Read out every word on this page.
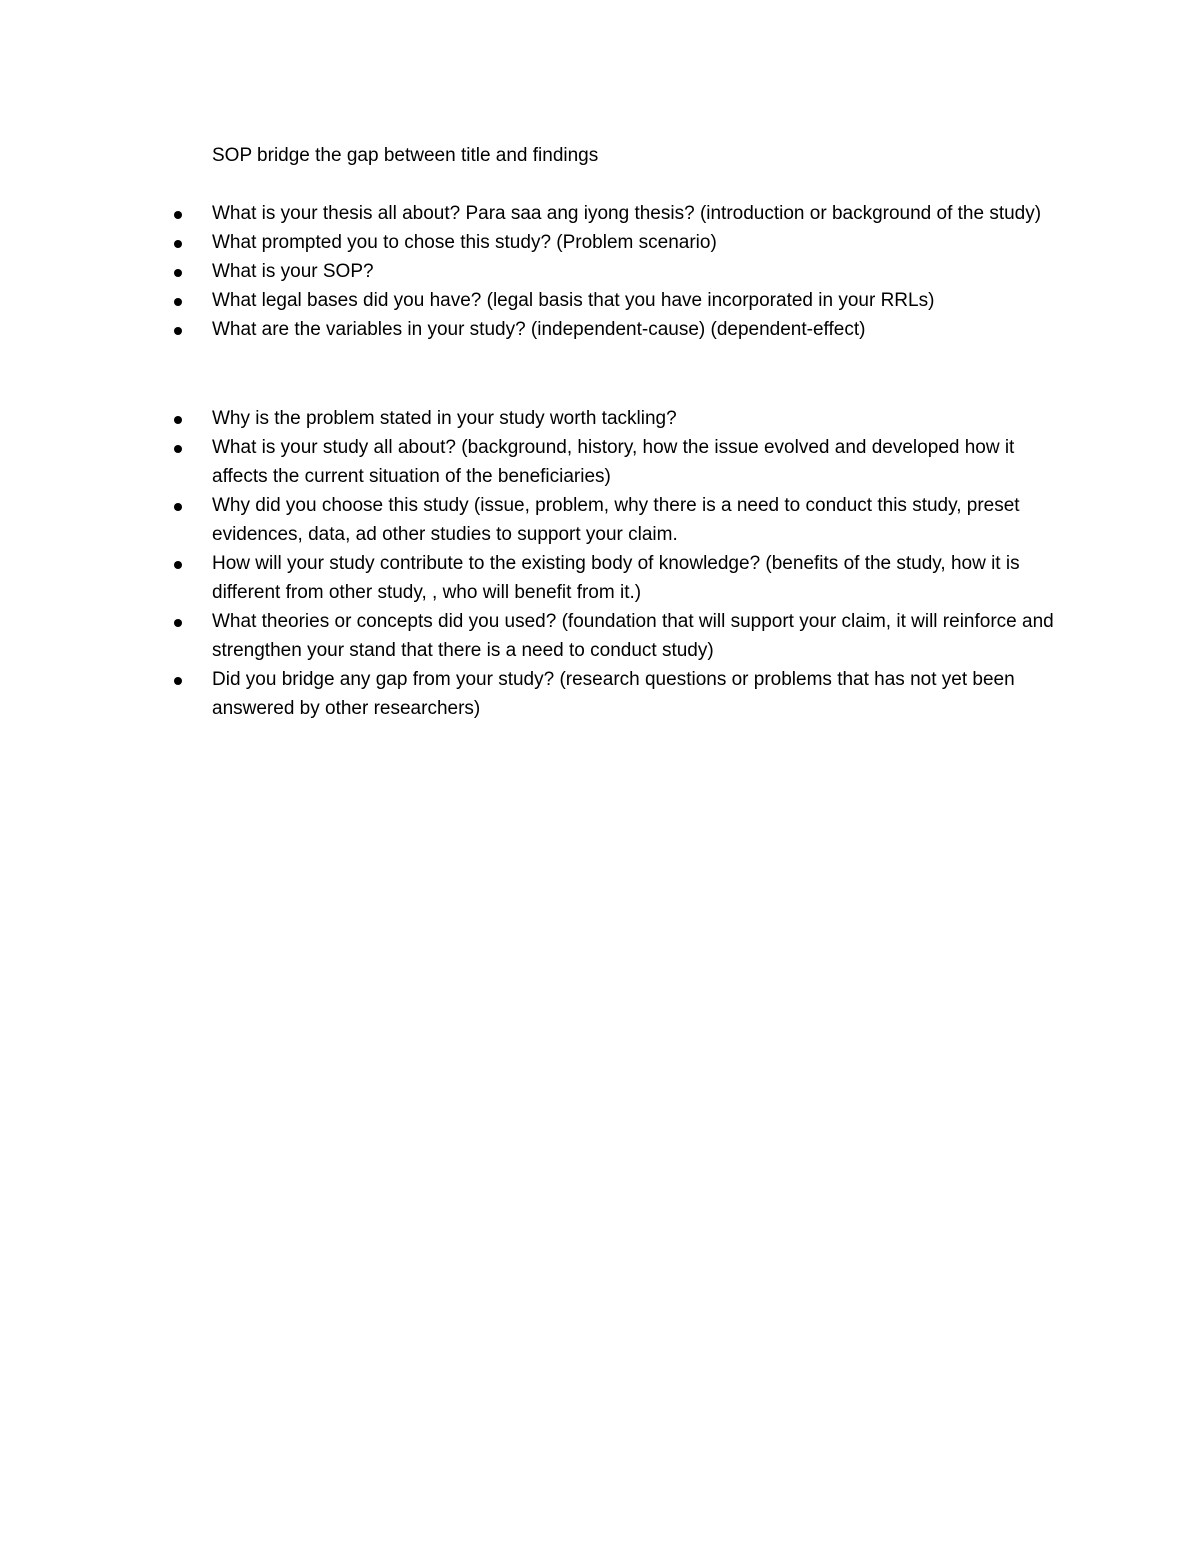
SOP bridge the gap between title and findings

What is your thesis all about? Para saa ang iyong thesis? (introduction or background of the study)
What prompted you to chose this study? (Problem scenario)
What is your SOP?
What legal bases did you have? (legal basis that you have incorporated in your RRLs)
What are the variables in your study? (independent-cause) (dependent-effect)
Why is the problem stated in your study worth tackling?
What is your study all about? (background, history, how the issue evolved and developed how it affects the current situation of the beneficiaries)
Why did you choose this study (issue, problem, why there is a need to conduct this study, preset evidences, data, ad other studies to support your claim.
How will your study contribute to the existing body of knowledge? (benefits of the study, how it is different from other study, , who will benefit from it.)
What theories or concepts did you used? (foundation that will support your claim, it will reinforce and strengthen your stand that there is a need to conduct study)
Did you bridge any gap from your study? (research questions or problems that has not yet been answered by other researchers)
